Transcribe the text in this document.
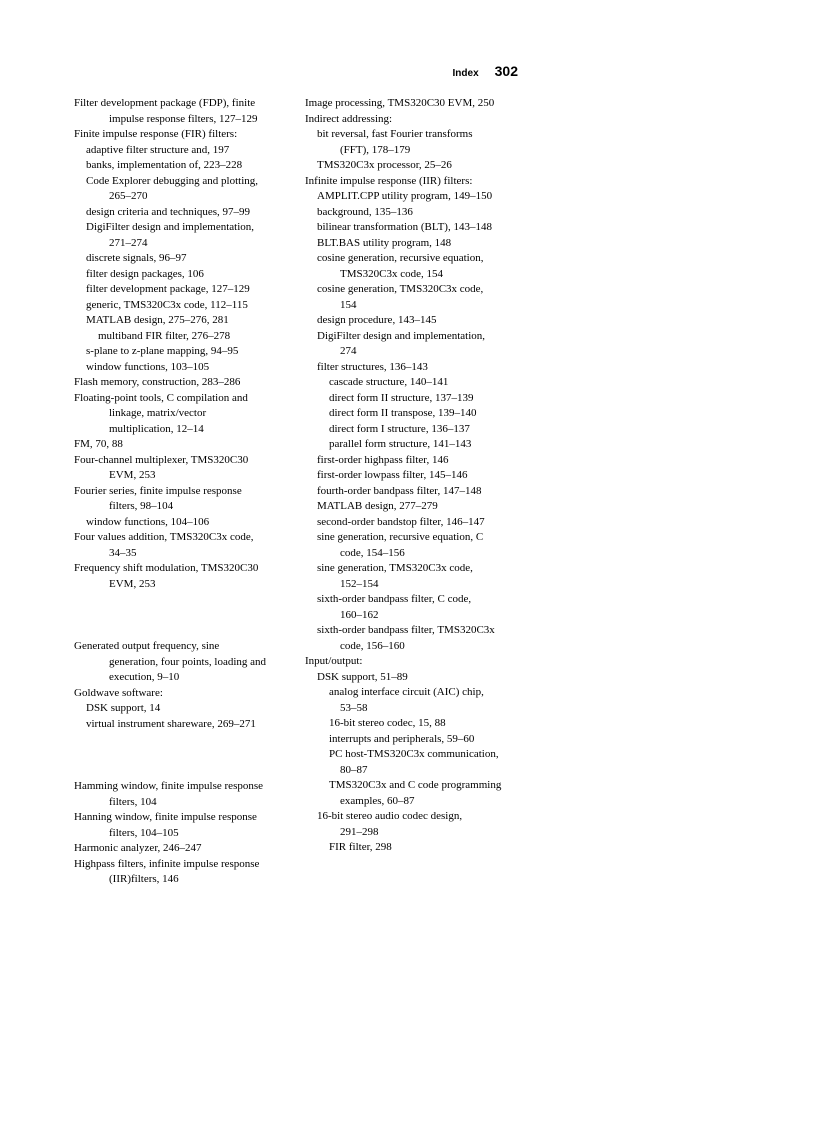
Index 302
Filter development package (FDP), finite
impulse response filters, 127–129
Finite impulse response (FIR) filters:
adaptive filter structure and, 197
banks, implementation of, 223–228
Code Explorer debugging and plotting,
265–270
design criteria and techniques, 97–99
DigiFilter design and implementation,
271–274
discrete signals, 96–97
filter design packages, 106
filter development package, 127–129
generic, TMS320C3x code, 112–115
MATLAB design, 275–276, 281
multiband FIR filter, 276–278
s-plane to z-plane mapping, 94–95
window functions, 103–105
Flash memory, construction, 283–286
Floating-point tools, C compilation and
linkage, matrix/vector
multiplication, 12–14
FM, 70, 88
Four-channel multiplexer, TMS320C30
EVM, 253
Fourier series, finite impulse response
filters, 98–104
window functions, 104–106
Four values addition, TMS320C3x code,
34–35
Frequency shift modulation, TMS320C30
EVM, 253
Generated output frequency, sine
generation, four points, loading and
execution, 9–10
Goldwave software:
DSK support, 14
virtual instrument shareware, 269–271
Hamming window, finite impulse response
filters, 104
Hanning window, finite impulse response
filters, 104–105
Harmonic analyzer, 246–247
Highpass filters, infinite impulse response
(IIR)filters, 146
Image processing, TMS320C30 EVM, 250
Indirect addressing:
bit reversal, fast Fourier transforms
(FFT), 178–179
TMS320C3x processor, 25–26
Infinite impulse response (IIR) filters:
AMPLIT.CPP utility program, 149–150
background, 135–136
bilinear transformation (BLT), 143–148
BLT.BAS utility program, 148
cosine generation, recursive equation,
TMS320C3x code, 154
cosine generation, TMS320C3x code,
154
design procedure, 143–145
DigiFilter design and implementation,
274
filter structures, 136–143
cascade structure, 140–141
direct form II structure, 137–139
direct form II transpose, 139–140
direct form I structure, 136–137
parallel form structure, 141–143
first-order highpass filter, 146
first-order lowpass filter, 145–146
fourth-order bandpass filter, 147–148
MATLAB design, 277–279
second-order bandstop filter, 146–147
sine generation, recursive equation, C
code, 154–156
sine generation, TMS320C3x code,
152–154
sixth-order bandpass filter, C code,
160–162
sixth-order bandpass filter, TMS320C3x
code, 156–160
Input/output:
DSK support, 51–89
analog interface circuit (AIC) chip,
53–58
16-bit stereo codec, 15, 88
interrupts and peripherals, 59–60
PC host-TMS320C3x communication,
80–87
TMS320C3x and C code programming
examples, 60–87
16-bit stereo audio codec design,
291–298
FIR filter, 298
